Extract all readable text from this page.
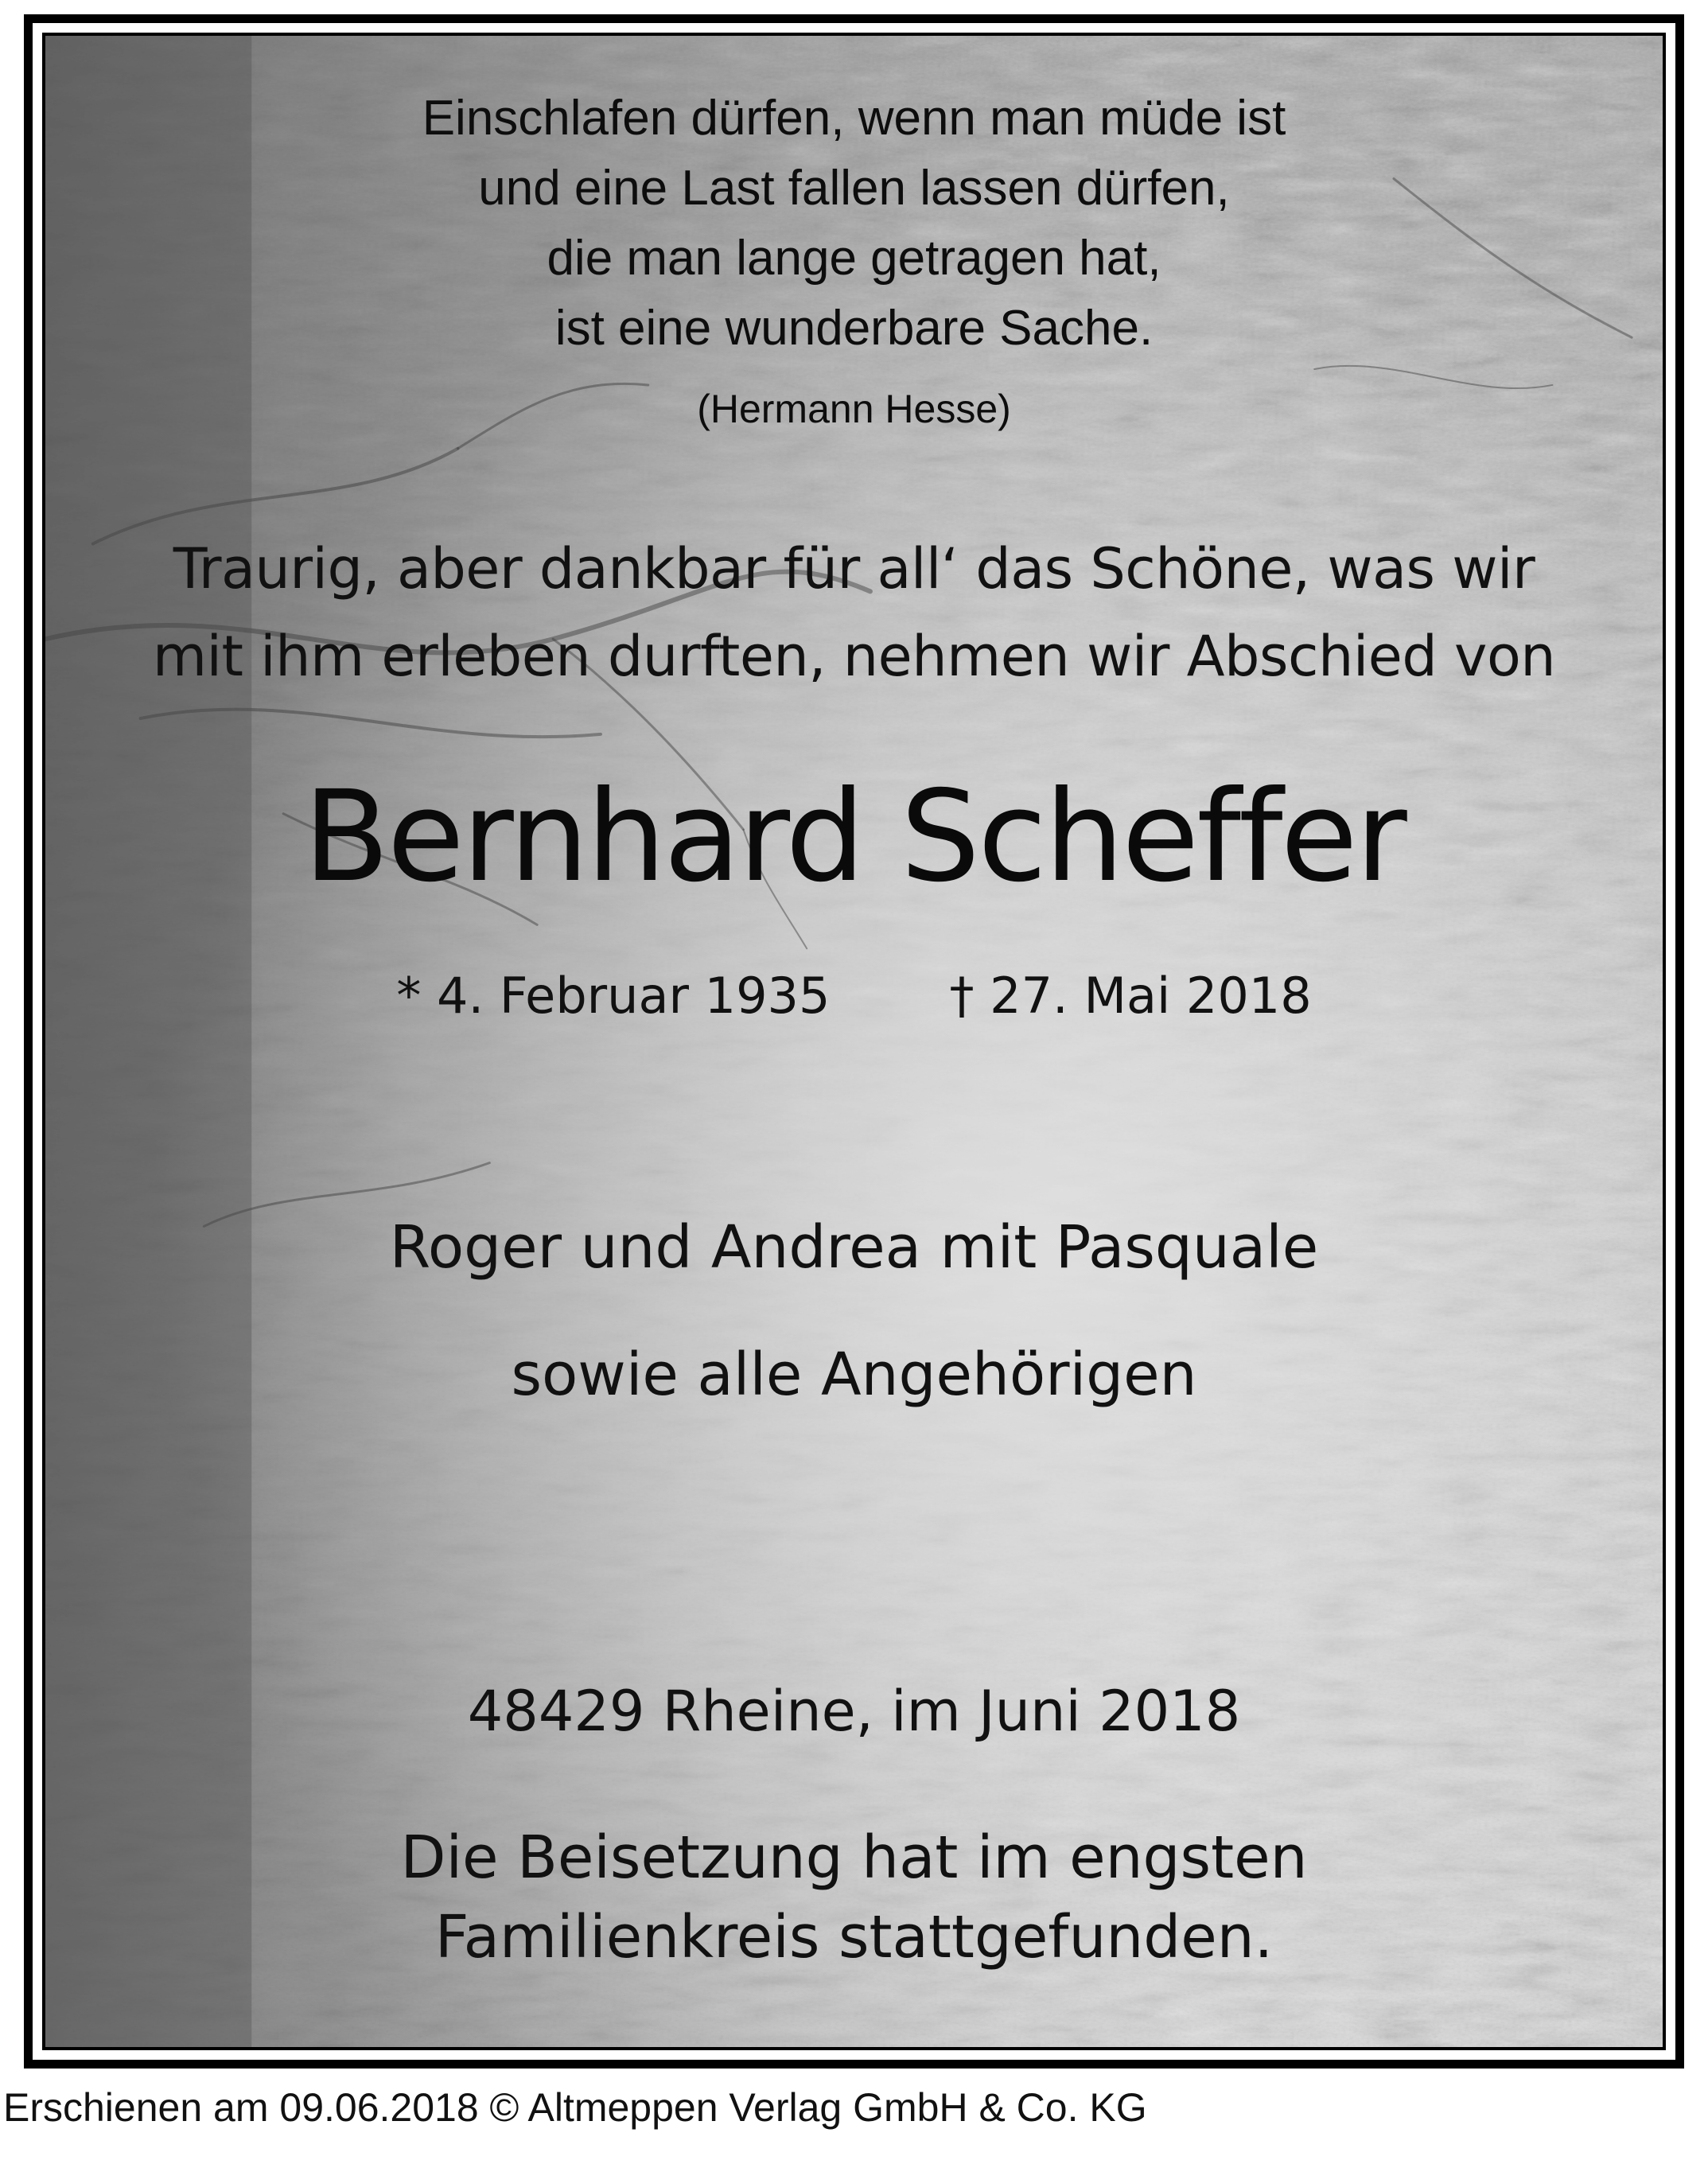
Einschlafen dürfen, wenn man müde ist
und eine Last fallen lassen dürfen,
die man lange getragen hat,
ist eine wunderbare Sache.
(Hermann Hesse)
Traurig, aber dankbar für all‘ das Schöne, was wir
mit ihm erleben durften, nehmen wir Abschied von
Bernhard Scheffer
* 4. Februar 1935 † 27. Mai 2018
Roger und Andrea mit Pasquale
sowie alle Angehörigen
48429 Rheine, im Juni 2018
Die Beisetzung hat im engsten
Familienkreis stattgefunden.
Erschienen am 09.06.2018 © Altmeppen Verlag GmbH & Co. KG
